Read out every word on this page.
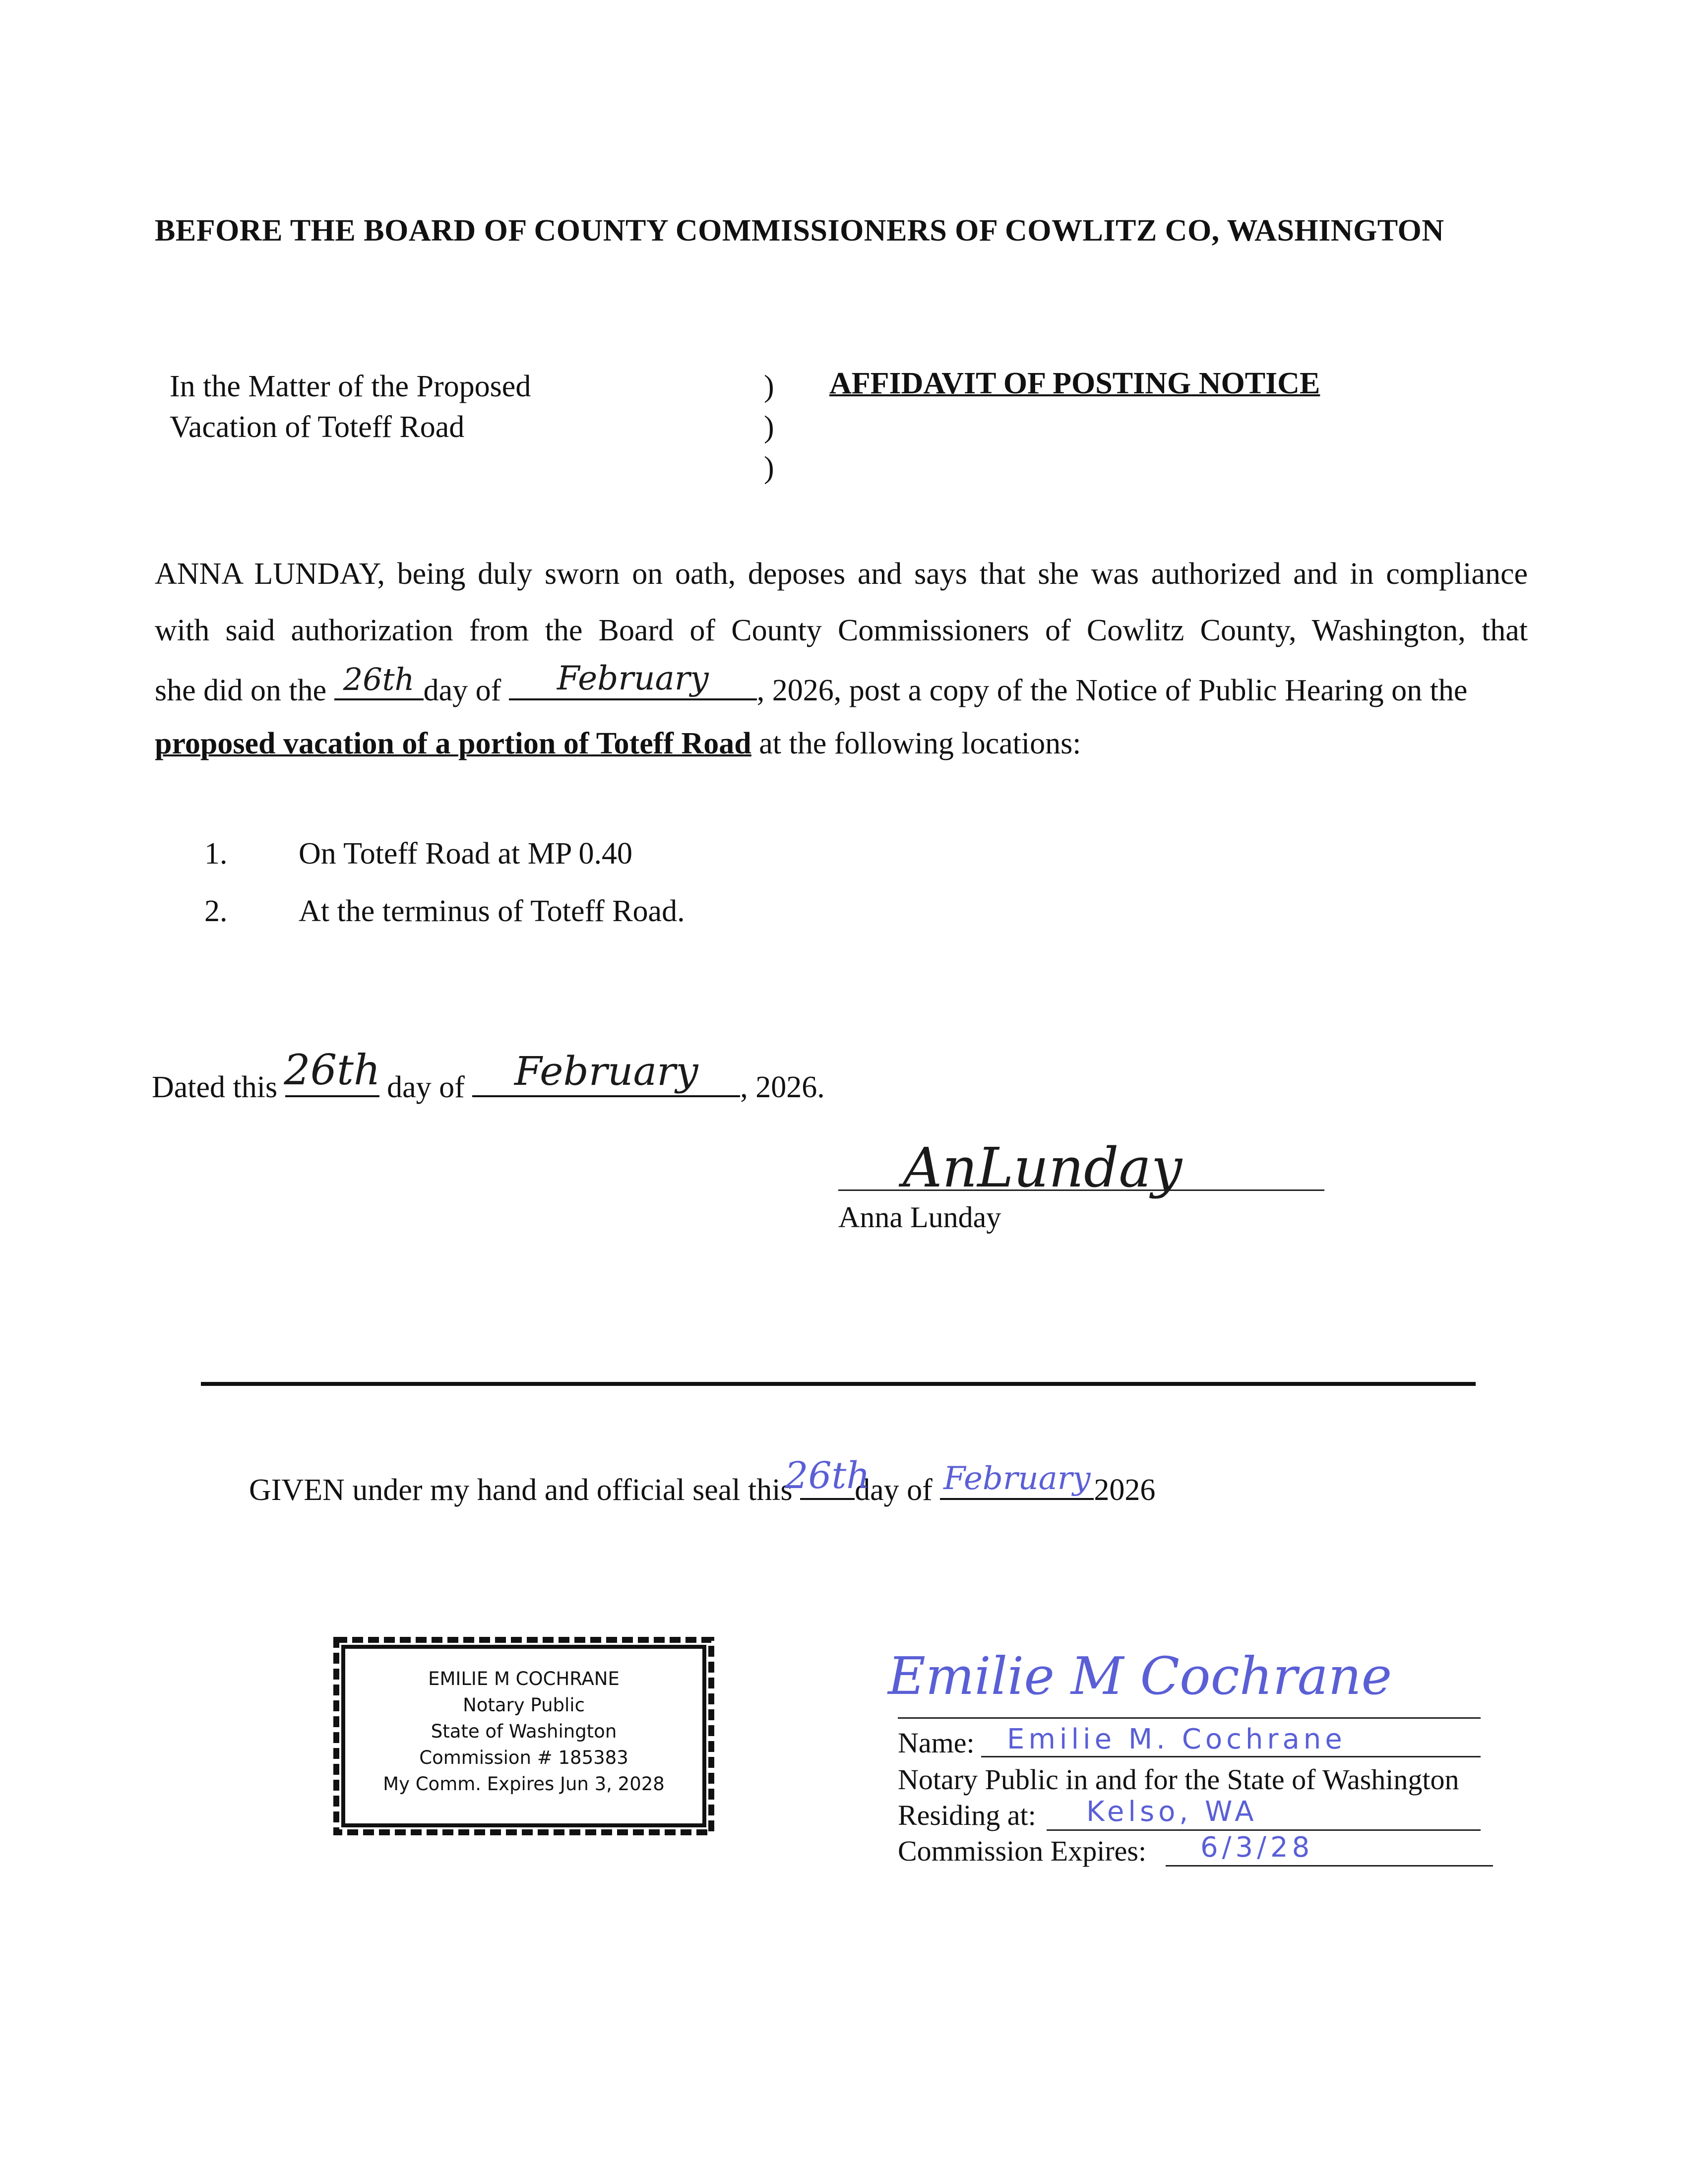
BEFORE THE BOARD OF COUNTY COMMISSIONERS OF COWLITZ CO, WASHINGTON
In the Matter of the Proposed
Vacation of Toteff Road
)
)
)
AFFIDAVIT OF POSTING NOTICE
ANNA LUNDAY, being duly sworn on oath, deposes and says that she was authorized and in compliance
with said authorization from the Board of County Commissioners of Cowlitz County, Washington, that
she did on the 26th day of February , 2026, post a copy of the Notice of Public Hearing on the
proposed vacation of a portion of Toteff Road at the following locations:
1. On Toteff Road at MP 0.40
2. At the terminus of Toteff Road.
Dated this 26th day of February , 2026.
AnLunday
Anna Lunday
GIVEN under my hand and official seal this
26th
day of February 2026
EMILIE M COCHRANE
Notary Public
State of Washington
Commission # 185383
My Comm. Expires Jun 3, 2028
Emilie M Cochrane
Name: Emilie M. Cochrane
Notary Public in and for the State of Washington
Residing at: Kelso, WA
Commission Expires: 6/3/28
